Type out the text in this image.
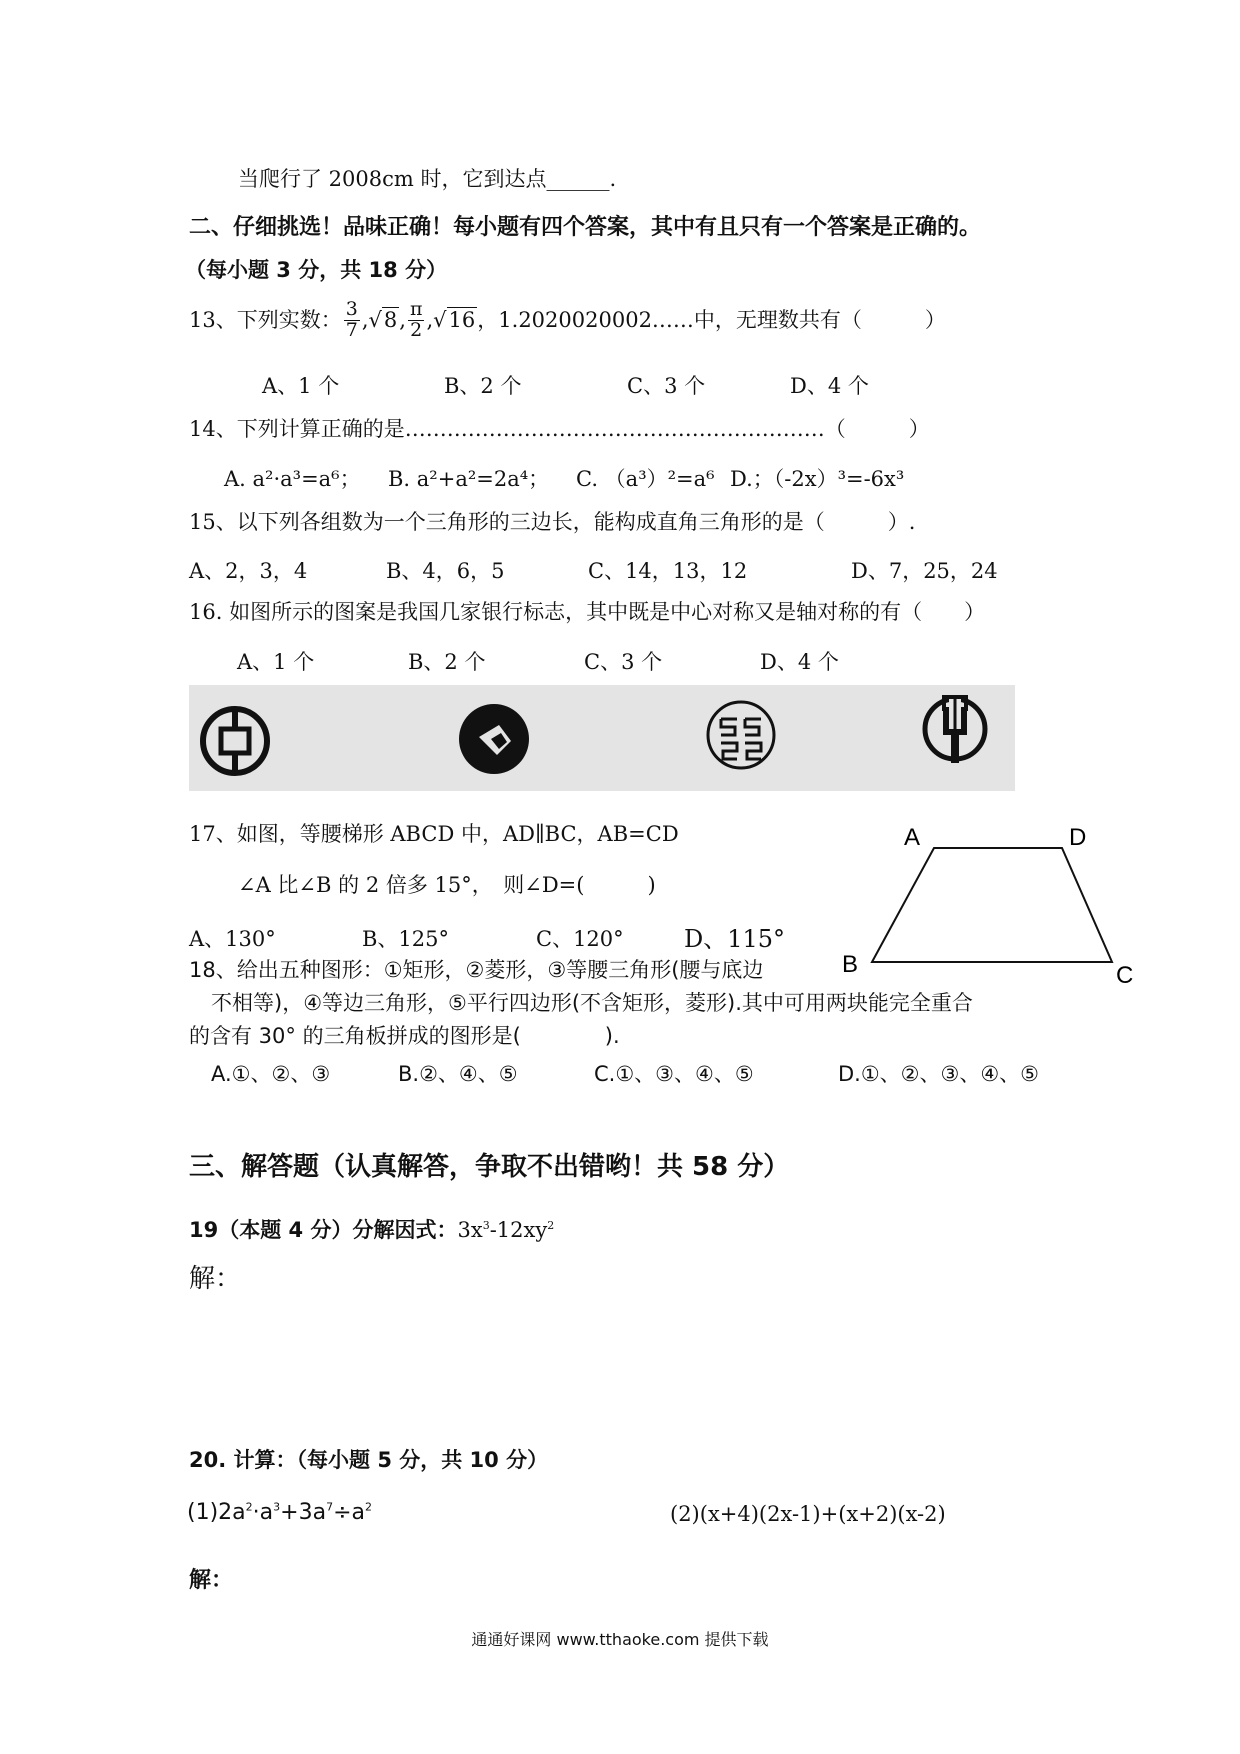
当爬行了 2008cm 时，它到达点______.
二、仔细挑选！品味正确！每小题有四个答案，其中有且只有一个答案是正确的。
（每小题 3 分，共 18 分）
13、下列实数： $\frac{3}{7}$ , √8 , $\frac{\pi}{2}$ , √16 ，1.2020020002……中，无理数共有（　　　）
A、1 个	B、2 个	C、3 个	D、4 个
14、下列计算正确的是……………………………………………………（　　　）
A. a²·a³=a⁶； B. a²+a²=2a⁴； C. （a³）²=a⁶ D.；（-2x）³=-6x³
15、以下列各组数为一个三角形的三边长，能构成直角三角形的是（　　　）.
A、2，3，4	B、4，6，5	C、14，13，12	D、7，25，24
16. 如图所示的图案是我国几家银行标志，其中既是中心对称又是轴对称的有（　　）
A、1 个	B、2 个	C、3 个	D、4 个
17、如图，等腰梯形 ABCD 中，AD∥BC，AB=CD
∠A 比∠B 的 2 倍多 15°，　则∠D=(　　　)
A、130°	B、125°	C、120°	D、115°
A	D
B	C
18、给出五种图形：①矩形，②菱形，③等腰三角形(腰与底边
不相等)，④等边三角形，⑤平行四边形(不含矩形，菱形).其中可用两块能完全重合
的含有 30° 的三角板拼成的图形是(　　　　).
A.①、②、③	B.②、④、⑤	C.①、③、④、⑤	D.①、②、③、④、⑤
三、解答题（认真解答，争取不出错哟！共 58 分）
19（本题 4 分）分解因式：$3x^3-12xy^2$
解：
20. 计算：（每小题 5 分，共 10 分）
$(1)2a^2\cdot a^3+3a^7\div a^2$	(2)(x+4)(2x-1)+(x+2)(x-2)
解：
通通好课网 www.tthaoke.com 提供下载
